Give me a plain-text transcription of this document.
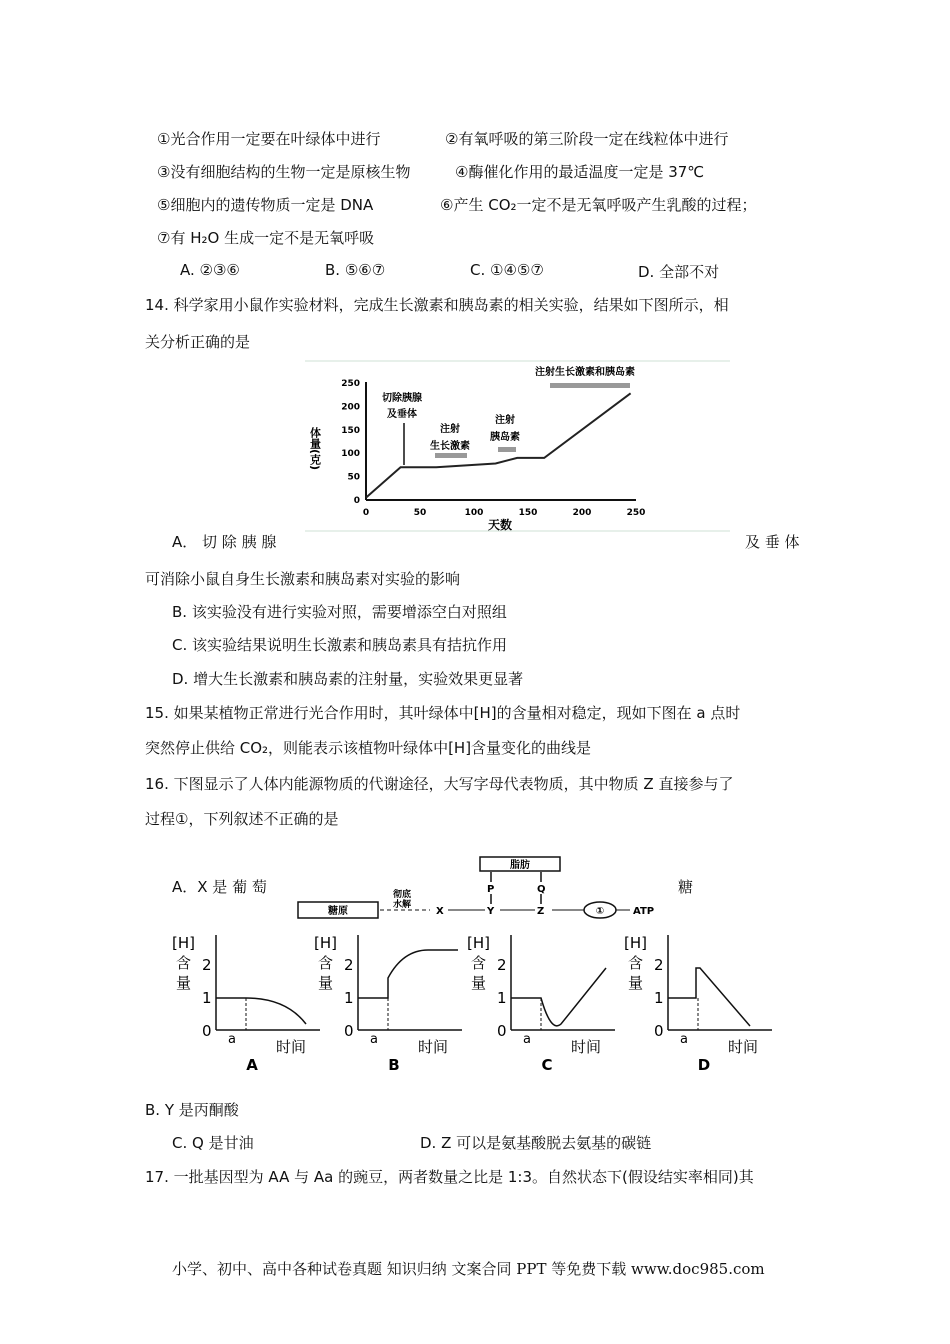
①光合作用一定要在叶绿体中进行	②有氧呼吸的第三阶段一定在线粒体中进行
③没有细胞结构的生物一定是原核生物	④酶催化作用的最适温度一定是 37℃
⑤细胞内的遗传物质一定是 DNA	⑥产生 CO₂一定不是无氧呼吸产生乳酸的过程；
⑦有 H₂O 生成一定不是无氧呼吸
A. ②③⑥	B. ⑤⑥⑦	C. ①④⑤⑦	D. 全部不对
14. 科学家用小鼠作实验材料，完成生长激素和胰岛素的相关实验，结果如下图所示，相
关分析正确的是
0	50	100	150	200	250
0
50
100
150
200
250
体量(克)
天数
切除胰腺
及垂体
注射
生长激素
注射
胰岛素
注射生长激素和胰岛素
A． 切 除 胰 腺	及 垂 体
可消除小鼠自身生长激素和胰岛素对实验的影响
B. 该实验没有进行实验对照，需要增添空白对照组
C. 该实验结果说明生长激素和胰岛素具有拮抗作用
D. 增大生长激素和胰岛素的注射量，实验效果更显著
15. 如果某植物正常进行光合作用时，其叶绿体中[H]的含量相对稳定，现如下图在 a 点时
突然停止供给 CO₂，则能表示该植物叶绿体中[H]含量变化的曲线是
16. 下图显示了人体内能源物质的代谢途径，大写字母代表物质，其中物质 Z 直接参与了
过程①，下列叙述不正确的是
脂肪
糖原
彻底
水解
X	Y	Z
P	Q
①	ATP
A．X 是 葡 萄	糖
[H]
含
量
2
1
0 a	时间
A
[H]
含
量
2
1
0 a	时间
B
[H]
含
量
2
1
0 a	时间
C
[H]
含
量
2
1
0 a	时间
D
B. Y 是丙酮酸
C. Q 是甘油	D. Z 可以是氨基酸脱去氨基的碳链
17. 一批基因型为 AA 与 Aa 的豌豆，两者数量之比是 1:3。自然状态下(假设结实率相同)其
小学、初中、高中各种试卷真题 知识归纳 文案合同 PPT 等免费下载 www.doc985.com
